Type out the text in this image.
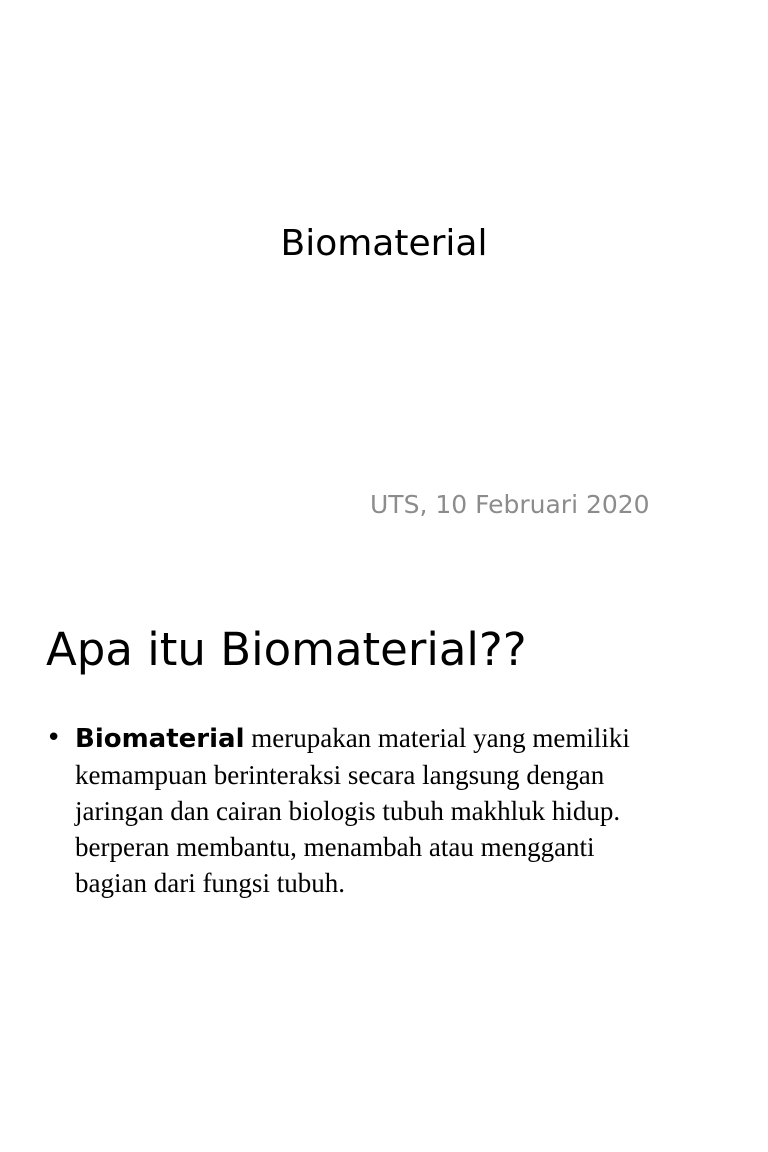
Biomaterial
UTS, 10 Februari 2020
Apa itu Biomaterial??
• Biomaterial merupakan material yang memiliki
kemampuan berinteraksi secara langsung dengan
jaringan dan cairan biologis tubuh makhluk hidup.
berperan membantu, menambah atau mengganti
bagian dari fungsi tubuh.
